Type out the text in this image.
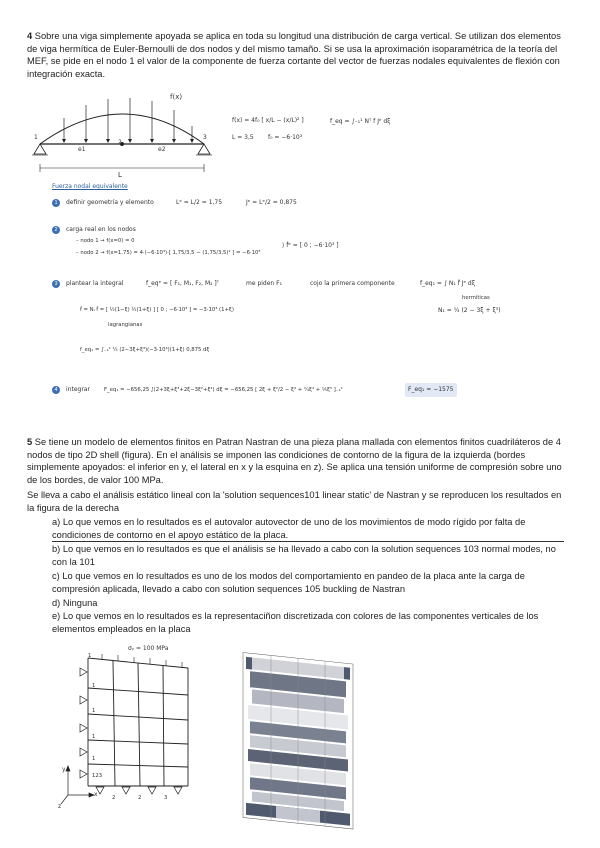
4 Sobre una viga simplemente apoyada se aplica en toda su longitud una distribución de carga vertical. Se utilizan dos elementos de viga hermítica de Euler-Bernoulli de dos nodos y del mismo tamaño. Si se usa la aproximación isoparamétrica de la teoría del MEF, se pide en el nodo 1 el valor de la componente de fuerza cortante del vector de fuerzas nodales equivalentes de flexión con integración exacta.
f(x)
1
2
3
e1	e2
L
f(x) = 4f₀ [ x/L − (x/L)² ]
L = 3,5 f₀ = −6·10³
f_eq = ∫₋₁¹ Nᵀ f Jᵉ dξ
Fuerza nodal equivalente
1	definir geometría y elemento	Lᵉ = L/2 = 1,75	Jᵉ = Lᵉ/2 = 0,875
2	carga real en los nodos
– nodo 1 → f(x=0) = 0
– nodo 2 → f(x=1,75) = 4·(−6·10³)·[ 1,75/3,5 − (1,75/3,5)² ] = −6·10³
⟩ f̂ᵉ = [ 0 ; −6·10³ ]
3	plantear la integral	f_eqᵉ = [ F₁, M₁, F₂, M₂ ]ᵀ	me piden F₁	cojo la primera componente	f_eq₁ = ∫ N₁ f̂ Jᵉ dξ
hermíticas
N₁ = ¼ (2 − 3ξ + ξ³)
f̂ = Nₗ f̂ = [ ½(1−ξ) ½(1+ξ) ] [ 0 ; −6·10³ ] = −3·10³ (1+ξ)
lagrangianas
f_eq₁ = ∫₋₁¹ ¼ (2−3ξ+ξ³)(−3·10³)(1+ξ) 0,875 dξ
4	integrar	F_eq₁ = −656,25 ∫(2+3ξ+ξ³+2ξ−3ξ²+ξ⁴) dξ = −656,25 [ 2ξ + ξ²/2 − ξ³ + ¼ξ⁴ + ⅕ξ⁵ ]₋₁¹	F_eq₁ = −1575
5 Se tiene un modelo de elementos finitos en Patran Nastran de una pieza plana mallada con elementos finitos cuadriláteros de 4 nodos de tipo 2D shell (figura). En el análisis se imponen las condiciones de contorno de la figura de la izquierda (bordes simplemente apoyados: el inferior en y, el lateral en x y la esquina en z). Se aplica una tensión uniforme de compresión sobre uno de los bordes, de valor 100 MPa.
Se lleva a cabo el análisis estático lineal con la 'solution sequences101 linear static' de Nastran y se reproducen los resultados en la figura de la derecha
a) Lo que vemos en lo resultados es el autovalor autovector de uno de los movimientos de modo rígido por falta de condiciones de contorno en el apoyo estático de la placa.
b) Lo que vemos en lo resultados es que el análisis se ha llevado a cabo con la solution sequences 103 normal modes, no con la 101
c) Lo que vemos en lo resultados es uno de los modos del comportamiento en pandeo de la placa ante la carga de compresión aplicada, llevado a cabo con solution sequences 105 buckling de Nastran
d) Ninguna
e) Lo que vemos en lo resultados es la representaciñon discretizada con colores de las componentes verticales de los elementos empleados en la placa
σᵧ = 100 MPa
1
1
1
1
1
123
2	2	3
y
x
z
